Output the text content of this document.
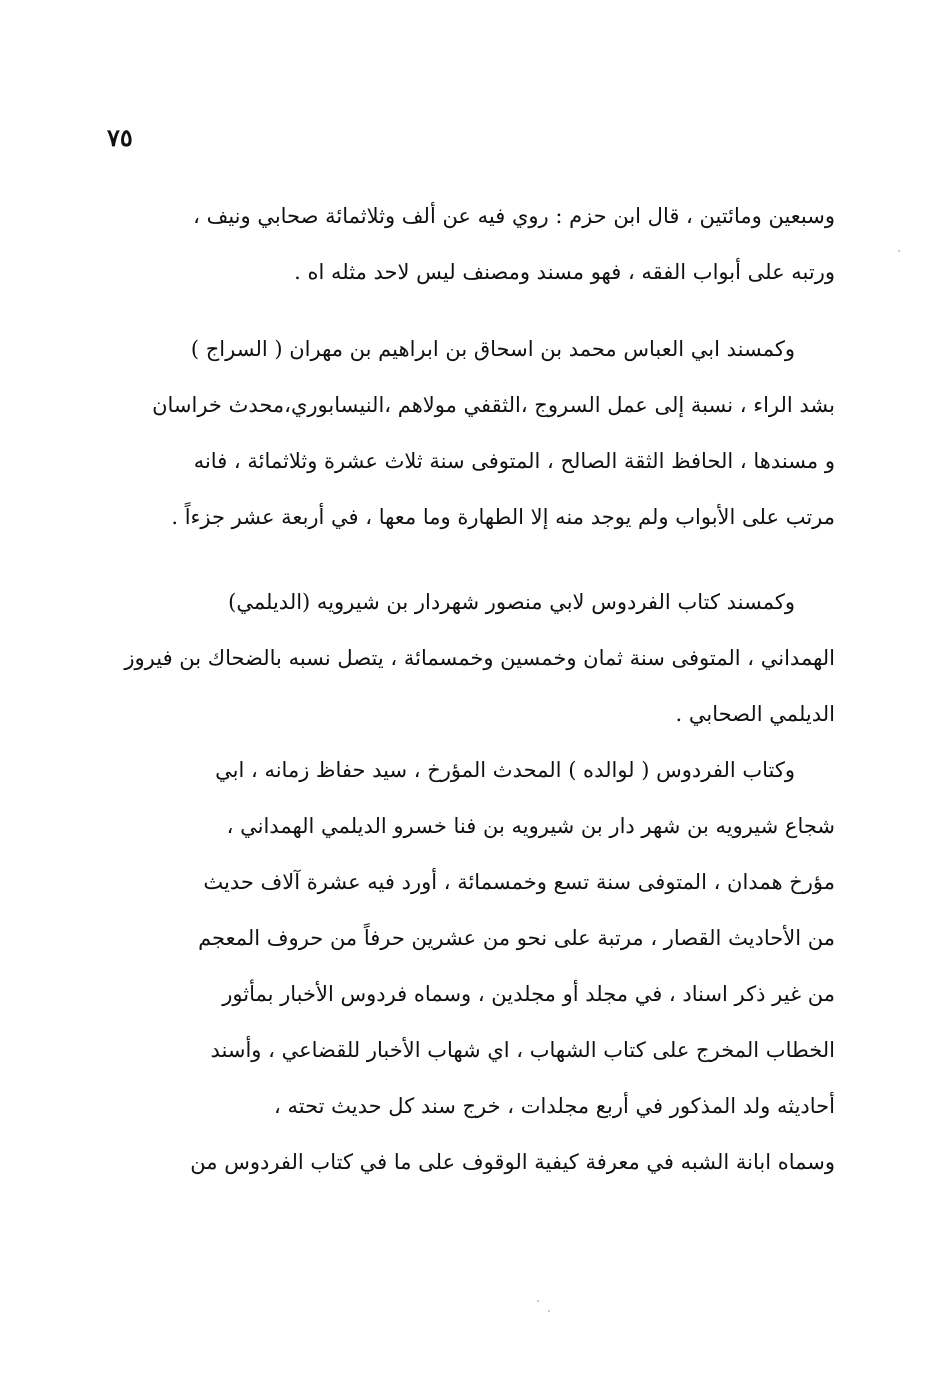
٧٥
وسبعين ومائتين ، قال ابن حزم : روي فيه عن ألف وثلاثمائة صحابي ونيف ،
ورتبه على أبواب الفقه ، فهو مسند ومصنف ليس لاحد مثله اه .
وكمسند ابي العباس محمد بن اسحاق بن ابراهيم بن مهران ( السراج )
بشد الراء ، نسبة إلى عمل السروج ،الثقفي مولاهم ،النيسابوري،محدث خراسان
و مسندها ، الحافظ الثقة الصالح ، المتوفى سنة ثلاث عشرة وثلاثمائة ، فانه
مرتب على الأبواب ولم يوجد منه إلا الطهارة وما معها ، في أربعة عشر جزءاً .
وكمسند كتاب الفردوس لابي منصور شهردار بن شيرويه (الديلمي)
الهمداني ، المتوفى سنة ثمان وخمسين وخمسمائة ، يتصل نسبه بالضحاك بن فيروز
الديلمي الصحابي .
وكتاب الفردوس ( لوالده ) المحدث المؤرخ ، سيد حفاظ زمانه ، ابي
شجاع شيرويه بن شهر دار بن شيرويه بن فنا خسرو الديلمي الهمداني ،
مؤرخ همدان ، المتوفى سنة تسع وخمسمائة ، أورد فيه عشرة آلاف حديث
من الأحاديث القصار ، مرتبة على نحو من عشرين حرفاً من حروف المعجم
من غير ذكر اسناد ، في مجلد أو مجلدين ، وسماه فردوس الأخبار بمأثور
الخطاب المخرج على كتاب الشهاب ، اي شهاب الأخبار للقضاعي ، وأسند
أحاديثه ولد المذكور في أربع مجلدات ، خرج سند كل حديث تحته ،
وسماه ابانة الشبه في معرفة كيفية الوقوف على ما في كتاب الفردوس من
